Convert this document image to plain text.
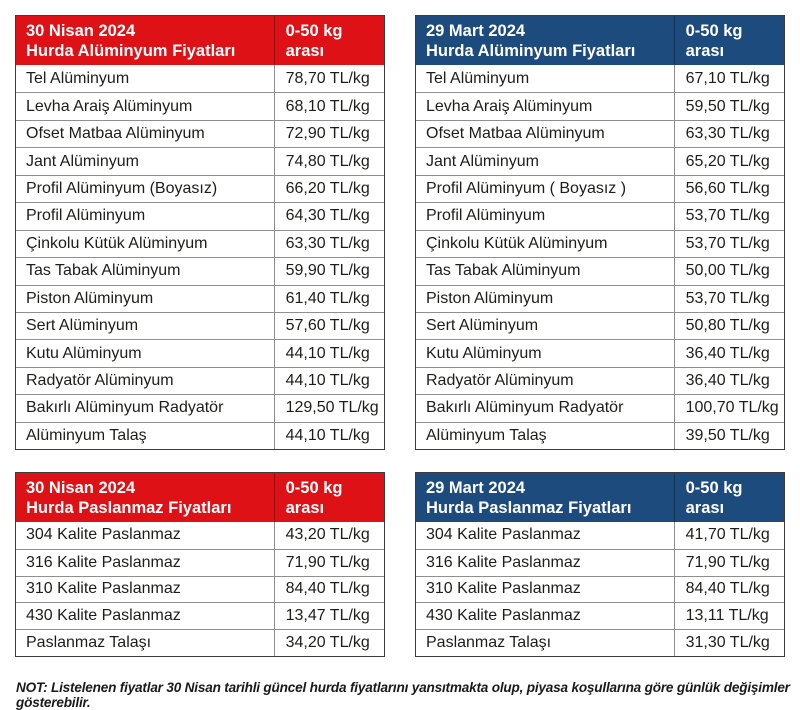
30 Nisan 2024
Hurda Alüminyum Fiyatları
0-50 kg arası
Tel Alüminyum	78,70 TL/kg
Levha Araiş Alüminyum	68,10 TL/kg
Ofset Matbaa Alüminyum	72,90 TL/kg
Jant Alüminyum	74,80 TL/kg
Profil Alüminyum (Boyasız)	66,20 TL/kg
Profil Alüminyum	64,30 TL/kg
Çinkolu Kütük Alüminyum	63,30 TL/kg
Tas Tabak Alüminyum	59,90 TL/kg
Piston Alüminyum	61,40 TL/kg
Sert Alüminyum	57,60 TL/kg
Kutu Alüminyum	44,10 TL/kg
Radyatör Alüminyum	44,10 TL/kg
Bakırlı Alüminyum Radyatör	129,50 TL/kg
Alüminyum Talaş	44,10 TL/kg
29 Mart 2024
Hurda Alüminyum Fiyatları
0-50 kg arası
Tel Alüminyum	67,10 TL/kg
Levha Araiş Alüminyum	59,50 TL/kg
Ofset Matbaa Alüminyum	63,30 TL/kg
Jant Alüminyum	65,20 TL/kg
Profil Alüminyum ( Boyasız )	56,60 TL/kg
Profil Alüminyum	53,70 TL/kg
Çinkolu Kütük Alüminyum	53,70 TL/kg
Tas Tabak Alüminyum	50,00 TL/kg
Piston Alüminyum	53,70 TL/kg
Sert Alüminyum	50,80 TL/kg
Kutu Alüminyum	36,40 TL/kg
Radyatör Alüminyum	36,40 TL/kg
Bakırlı Alüminyum Radyatör	100,70 TL/kg
Alüminyum Talaş	39,50 TL/kg
30 Nisan 2024
Hurda Paslanmaz Fiyatları
0-50 kg arası
304 Kalite Paslanmaz	43,20 TL/kg
316 Kalite Paslanmaz	71,90 TL/kg
310 Kalite Paslanmaz	84,40 TL/kg
430 Kalite Paslanmaz	13,47 TL/kg
Paslanmaz Talaşı	34,20 TL/kg
29 Mart 2024
Hurda Paslanmaz Fiyatları
0-50 kg arası
304 Kalite Paslanmaz	41,70 TL/kg
316 Kalite Paslanmaz	71,90 TL/kg
310 Kalite Paslanmaz	84,40 TL/kg
430 Kalite Paslanmaz	13,11 TL/kg
Paslanmaz Talaşı	31,30 TL/kg

NOT: Listelenen fiyatlar 30 Nisan tarihli güncel hurda fiyatlarını yansıtmakta olup, piyasa koşullarına göre günlük değişimler gösterebilir.
